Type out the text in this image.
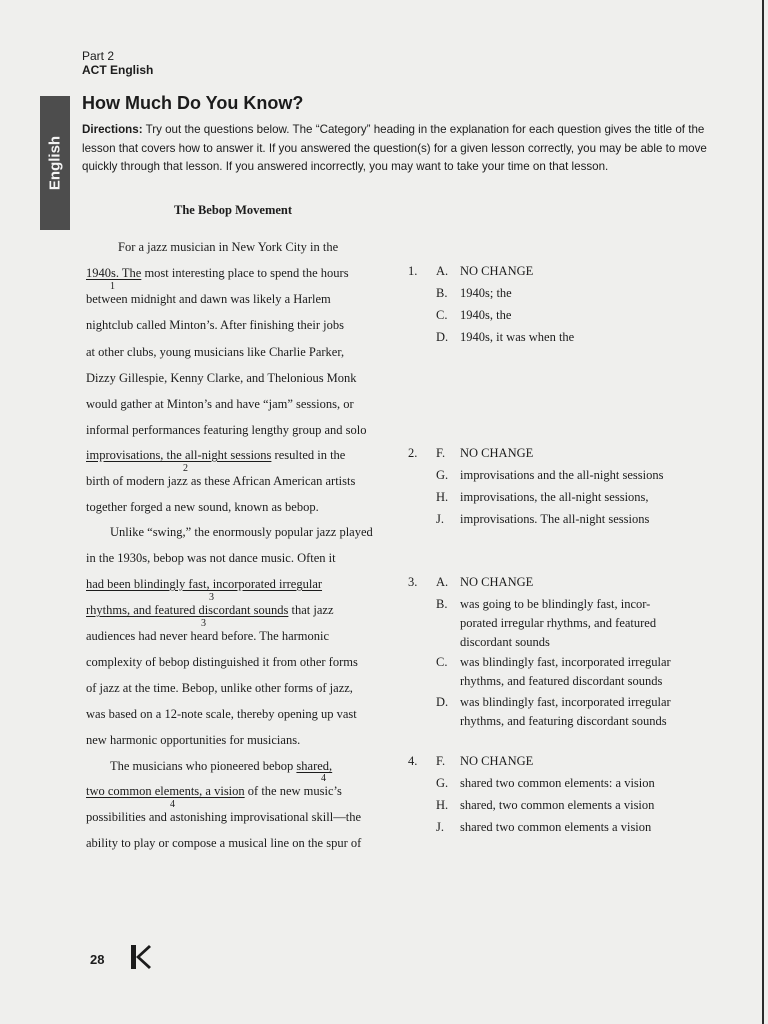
Part 2
ACT English
English
How Much Do You Know?
Directions: Try out the questions below. The “Category” heading in the explanation for each question gives the title of the lesson that covers how to answer it. If you answered the question(s) for a given lesson correctly, you may be able to move quickly through that lesson. If you answered incorrectly, you may want to take your time on that lesson.
The Bebop Movement
For a jazz musician in New York City in the
1940s. The most interesting place to spend the hours
1
between midnight and dawn was likely a Harlem
nightclub called Minton’s. After finishing their jobs
at other clubs, young musicians like Charlie Parker,
Dizzy Gillespie, Kenny Clarke, and Thelonious Monk
would gather at Minton’s and have “jam” sessions, or
informal performances featuring lengthy group and solo
improvisations, the all-night sessions resulted in the
2
birth of modern jazz as these African American artists
together forged a new sound, known as bebop.
Unlike “swing,” the enormously popular jazz played
in the 1930s, bebop was not dance music. Often it
had been blindingly fast, incorporated irregular
3
rhythms, and featured discordant sounds that jazz
3
audiences had never heard before. The harmonic
complexity of bebop distinguished it from other forms
of jazz at the time. Bebop, unlike other forms of jazz,
was based on a 12-note scale, thereby opening up vast
new harmonic opportunities for musicians.
The musicians who pioneered bebop shared,
4
two common elements, a vision of the new music’s
4
possibilities and astonishing improvisational skill—the
ability to play or compose a musical line on the spur of
1. A. NO CHANGE
B. 1940s; the
C. 1940s, the
D. 1940s, it was when the
2. F. NO CHANGE
G. improvisations and the all-night sessions
H. improvisations, the all-night sessions,
J. improvisations. The all-night sessions
3. A. NO CHANGE
B. was going to be blindingly fast, incor-
porated irregular rhythms, and featured
discordant sounds
C. was blindingly fast, incorporated irregular
rhythms, and featured discordant sounds
D. was blindingly fast, incorporated irregular
rhythms, and featuring discordant sounds
4. F. NO CHANGE
G. shared two common elements: a vision
H. shared, two common elements a vision
J. shared two common elements a vision
28
